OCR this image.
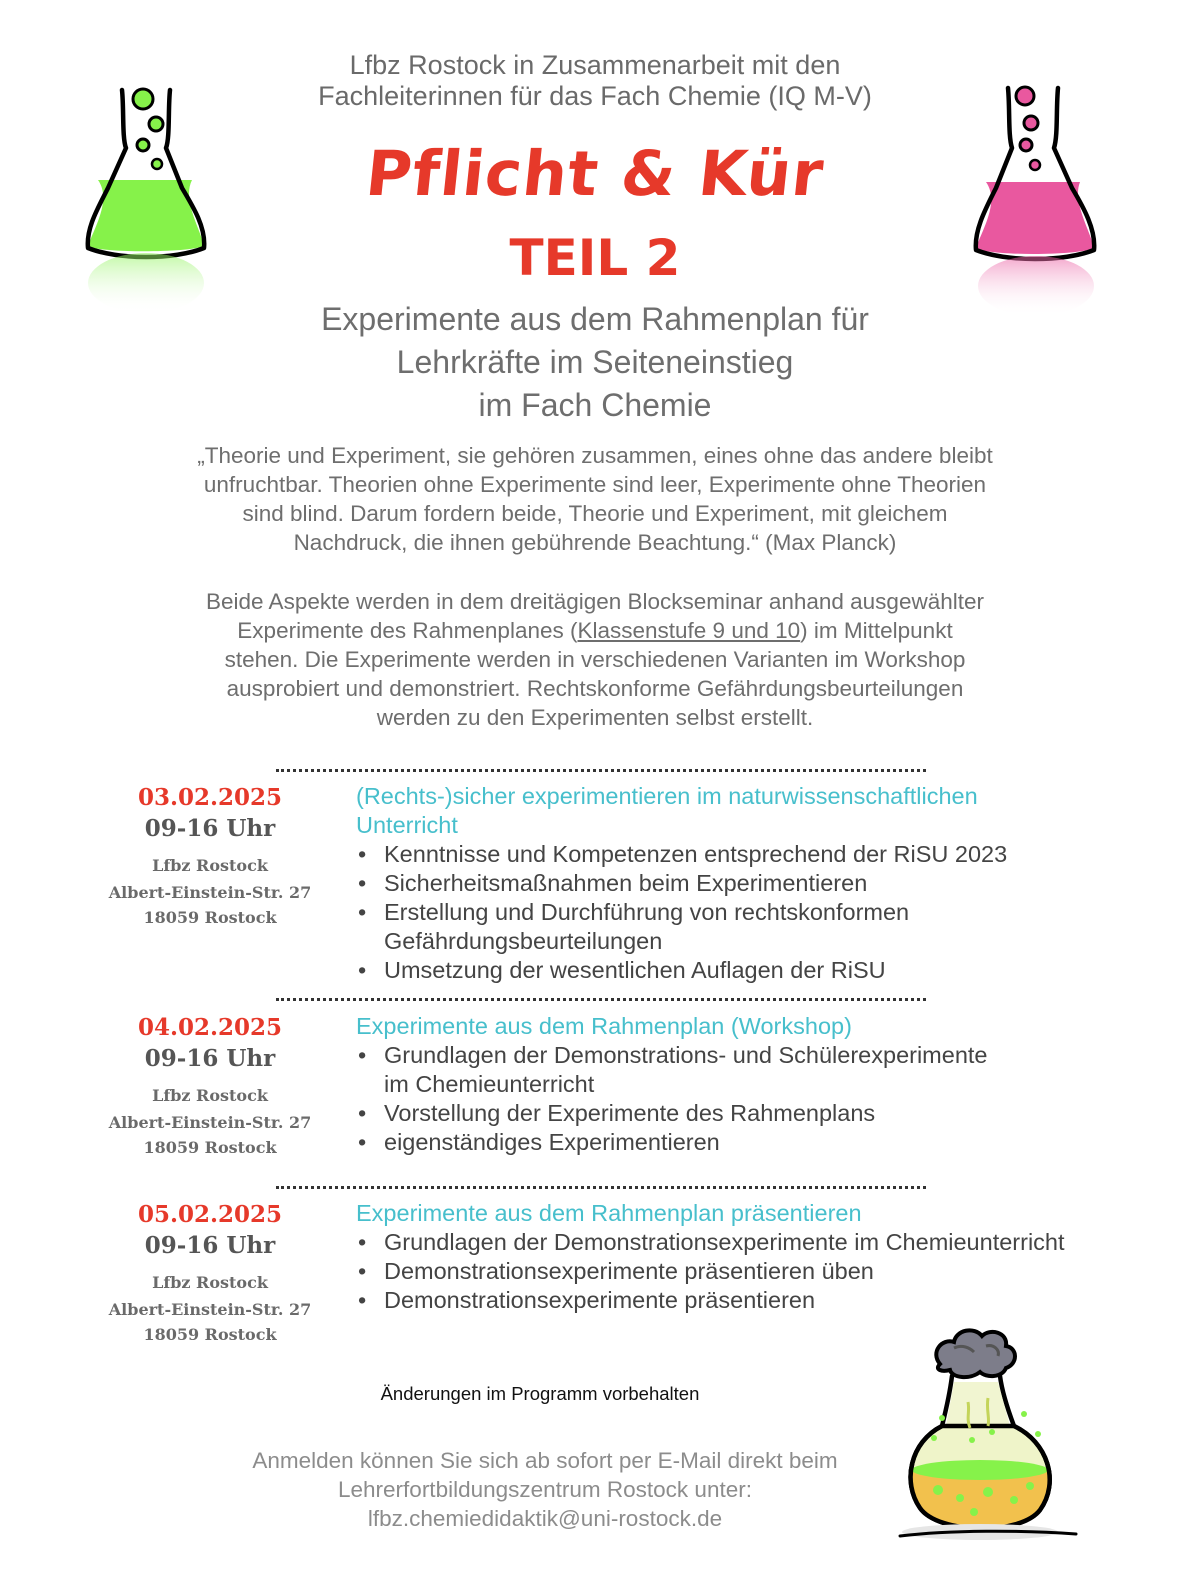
Lfbz Rostock in Zusammenarbeit mit den
Fachleiterinnen für das Fach Chemie (IQ M-V)
Pflicht & Kür
TEIL 2
Experimente aus dem Rahmenplan für
Lehrkräfte im Seiteneinstieg
im Fach Chemie
„Theorie und Experiment, sie gehören zusammen, eines ohne das andere bleibt
unfruchtbar. Theorien ohne Experimente sind leer, Experimente ohne Theorien
sind blind. Darum fordern beide, Theorie und Experiment, mit gleichem
Nachdruck, die ihnen gebührende Beachtung.“ (Max Planck)
Beide Aspekte werden in dem dreitägigen Blockseminar anhand ausgewählter
Experimente des Rahmenplanes (Klassenstufe 9 und 10) im Mittelpunkt
stehen. Die Experimente werden in verschiedenen Varianten im Workshop
ausprobiert und demonstriert. Rechtskonforme Gefährdungsbeurteilungen
werden zu den Experimenten selbst erstellt.
03.02.2025
09-16 Uhr
Lfbz Rostock
Albert-Einstein-Str. 27
18059 Rostock
(Rechts-)sicher experimentieren im naturwissenschaftlichen
Unterricht
• Kenntnisse und Kompetenzen entsprechend der RiSU 2023
• Sicherheitsmaßnahmen beim Experimentieren
• Erstellung und Durchführung von rechtskonformen
Gefährdungsbeurteilungen
• Umsetzung der wesentlichen Auflagen der RiSU
04.02.2025
09-16 Uhr
Lfbz Rostock
Albert-Einstein-Str. 27
18059 Rostock
Experimente aus dem Rahmenplan (Workshop)
• Grundlagen der Demonstrations- und Schülerexperimente
im Chemieunterricht
• Vorstellung der Experimente des Rahmenplans
• eigenständiges Experimentieren
05.02.2025
09-16 Uhr
Lfbz Rostock
Albert-Einstein-Str. 27
18059 Rostock
Experimente aus dem Rahmenplan präsentieren
• Grundlagen der Demonstrationsexperimente im Chemieunterricht
• Demonstrationsexperimente präsentieren üben
• Demonstrationsexperimente präsentieren
Änderungen im Programm vorbehalten
Anmelden können Sie sich ab sofort per E-Mail direkt beim
Lehrerfortbildungszentrum Rostock unter:
lfbz.chemiedidaktik@uni-rostock.de
